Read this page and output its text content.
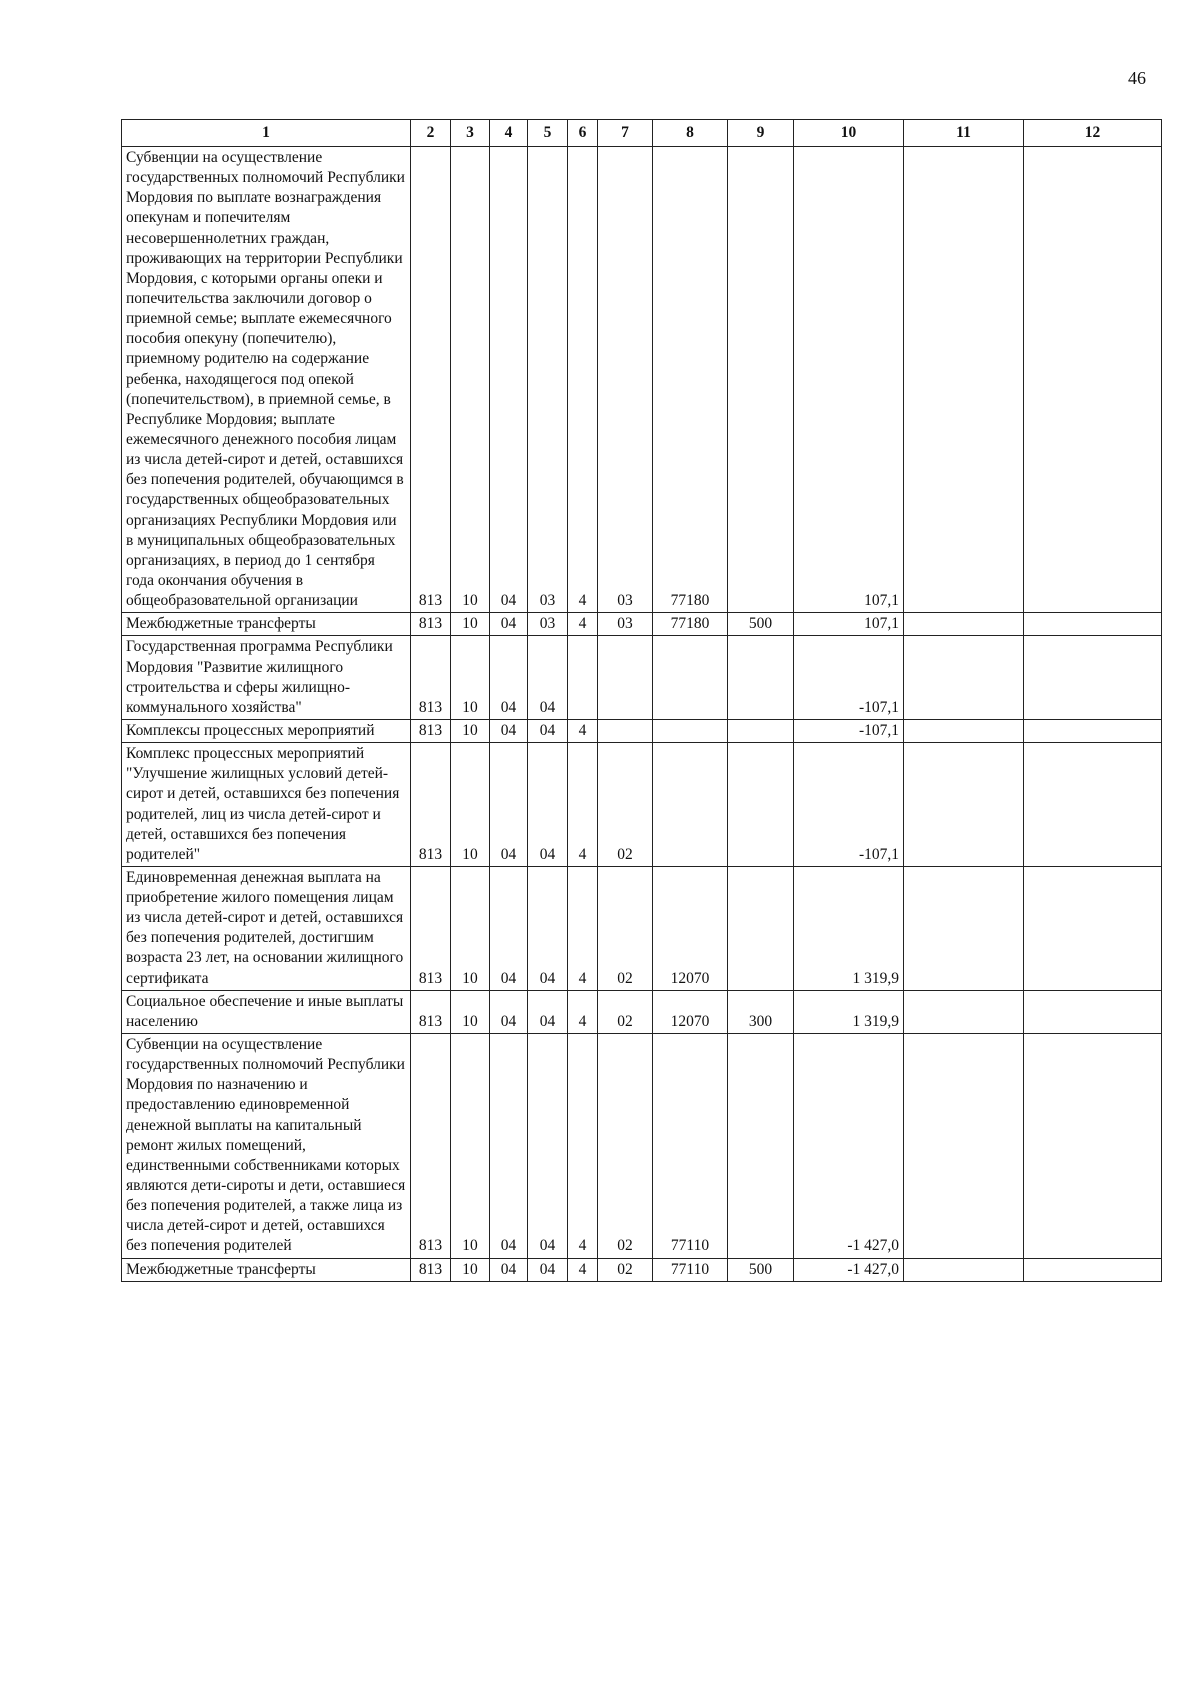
46
1	2	3	4	5	6	7	8	9	10	11	12
Субвенции на осуществление государственных полномочий Республики Мордовия по выплате вознаграждения опекунам и попечителям несовершеннолетних граждан, проживающих на территории Республики Мордовия, с которыми органы опеки и попечительства заключили договор о приемной семье; выплате ежемесячного пособия опекуну (попечителю), приемному родителю на содержание ребенка, находящегося под опекой (попечительством), в приемной семье, в Республике Мордовия; выплате ежемесячного денежного пособия лицам из числа детей-сирот и детей, оставшихся без попечения родителей, обучающимся в государственных общеобразовательных организациях Республики Мордовия или в муниципальных общеобразовательных организациях, в период до 1 сентября года окончания обучения в общеобразовательной организации	813	10	04	03	4	03	77180		107,1		
Межбюджетные трансферты	813	10	04	03	4	03	77180	500	107,1		
Государственная программа Республики Мордовия "Развитие жилищного строительства и сферы жилищно-коммунального хозяйства"	813	10	04	04					-107,1		
Комплексы процессных мероприятий	813	10	04	04	4				-107,1		
Комплекс процессных мероприятий "Улучшение жилищных условий детей-сирот и детей, оставшихся без попечения родителей, лиц из числа детей-сирот и детей, оставшихся без попечения родителей"	813	10	04	04	4	02			-107,1		
Единовременная денежная выплата на приобретение жилого помещения лицам из числа детей-сирот и детей, оставшихся без попечения родителей, достигшим возраста 23 лет, на основании жилищного сертификата	813	10	04	04	4	02	12070		1 319,9		
Социальное обеспечение и иные выплаты населению	813	10	04	04	4	02	12070	300	1 319,9		
Субвенции на осуществление государственных полномочий Республики Мордовия по назначению и предоставлению единовременной денежной выплаты на капитальный ремонт жилых помещений, единственными собственниками которых являются дети-сироты и дети, оставшиеся без попечения родителей, а также лица из числа детей-сирот и детей, оставшихся без попечения родителей	813	10	04	04	4	02	77110		-1 427,0		
Межбюджетные трансферты	813	10	04	04	4	02	77110	500	-1 427,0		
